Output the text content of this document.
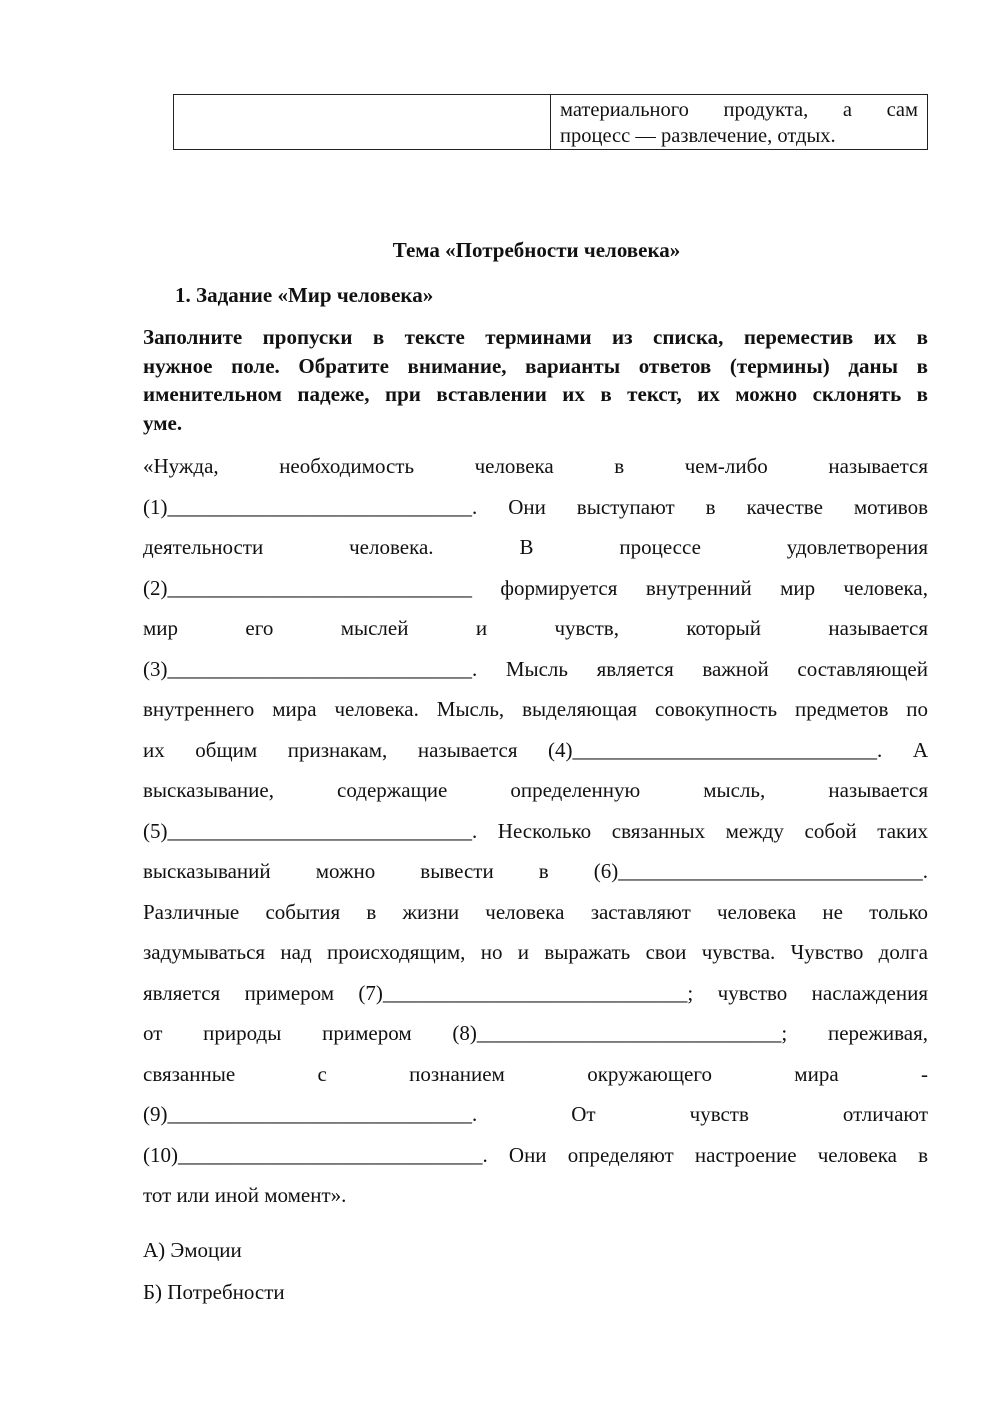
материального продукта, а сам
процесс — развлечение, отдых.
Тема «Потребности человека»
1. Задание «Мир человека»
Заполните пропуски в тексте терминами из списка, переместив их в
нужное поле. Обратите внимание, варианты ответов (термины) даны в
именительном падеже, при вставлении их в текст, их можно склонять в
уме.
«Нужда, необходимость человека в чем-либо называется
(1)_____________________________. Они выступают в качестве мотивов
деятельности человека. В процессе удовлетворения
(2)_____________________________ формируется внутренний мир человека,
мир его мыслей и чувств, который называется
(3)_____________________________. Мысль является важной составляющей
внутреннего мира человека. Мысль, выделяющая совокупность предметов по
их общим признакам, называется (4)_____________________________. А
высказывание, содержащие определенную мысль, называется
(5)_____________________________. Несколько связанных между собой таких
высказываний можно вывести в (6)_____________________________.
Различные события в жизни человека заставляют человека не только
задумываться над происходящим, но и выражать свои чувства. Чувство долга
является примером (7)_____________________________; чувство наслаждения
от природы примером (8)_____________________________; переживая,
связанные с познанием окружающего мира -
(9)_____________________________. От чувств отличают
(10)_____________________________. Они определяют настроение человека в
тот или иной момент».
А) Эмоции
Б) Потребности
